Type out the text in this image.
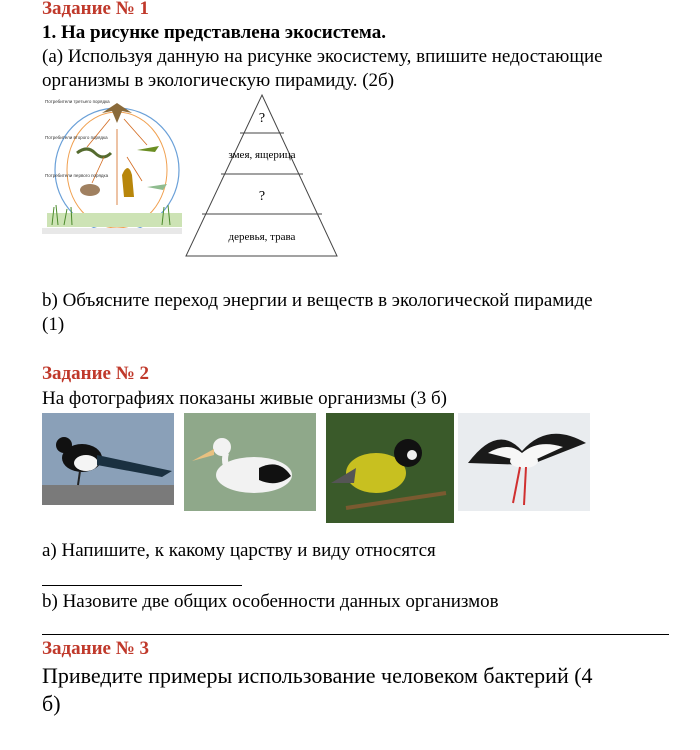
Задание № 1
1. На рисунке представлена экосистема.
(а) Используя данную на рисунке экосистему, впишите недостающие
организмы в экологическую пирамиду. (2б)
Потребители третьего порядка
Потребители второго порядка
Потребители первого порядка
?
змея, ящерица
?
деревья, трава
b) Объясните переход энергии и веществ в экологической пирамиде
(1)
Задание № 2
На фотографиях показаны живые организмы (3 б)
а) Напишите, к какому царству и виду относятся
b) Назовите две общих особенности данных организмов
Задание № 3
Приведите примеры использование человеком бактерий (4
б)
